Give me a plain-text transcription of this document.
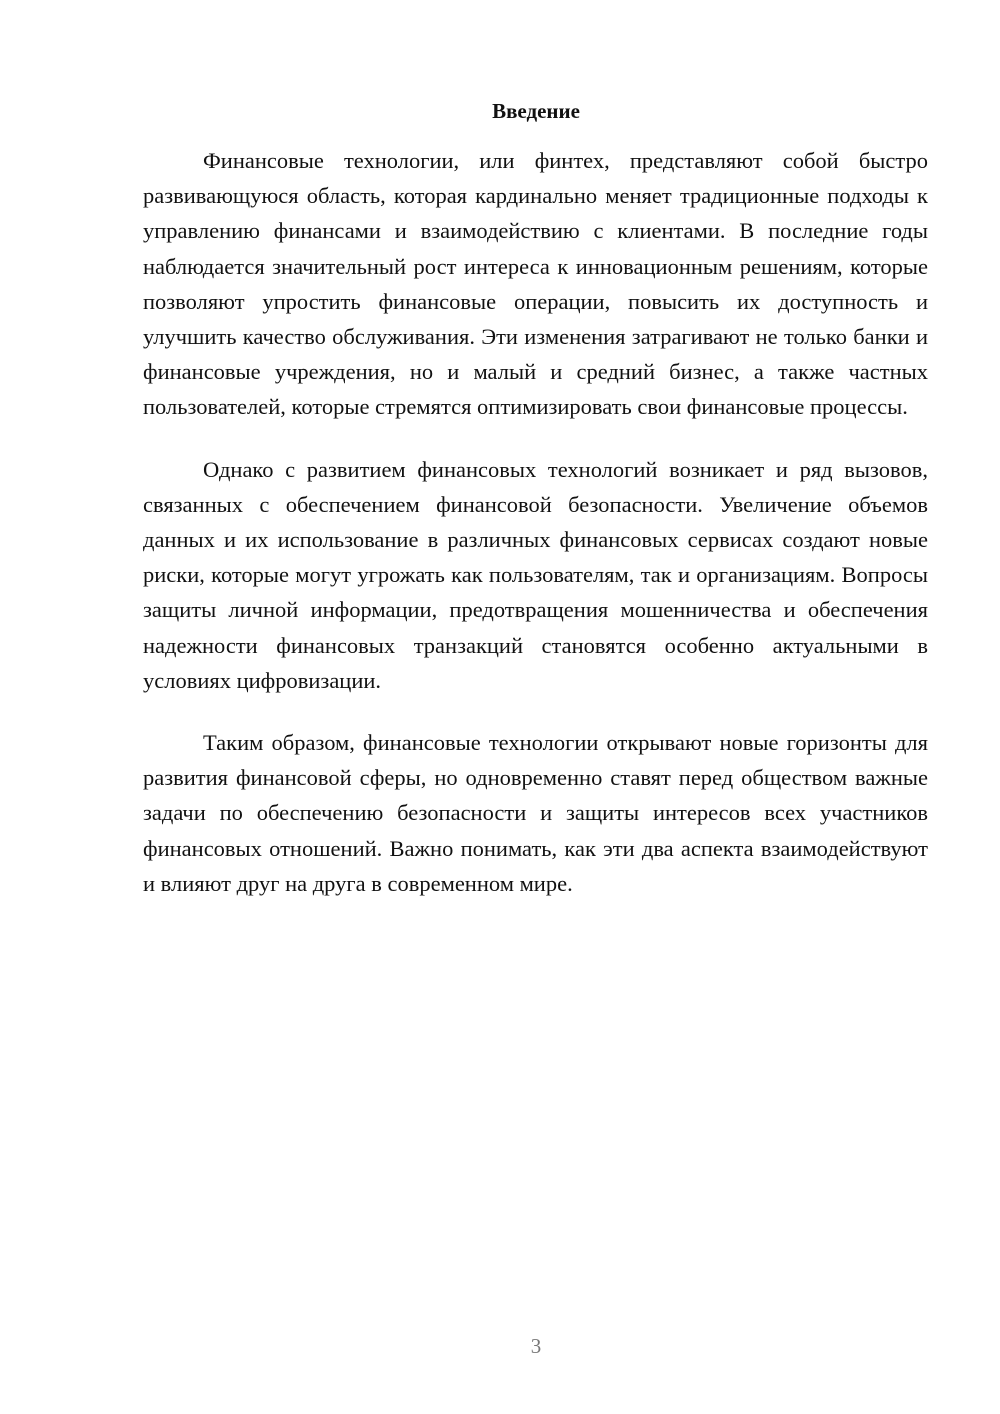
Введение

Финансовые технологии, или финтех, представляют собой быстро развивающуюся область, которая кардинально меняет традиционные подходы к управлению финансами и взаимодействию с клиентами. В последние годы наблюдается значительный рост интереса к инновационным решениям, которые позволяют упростить финансовые операции, повысить их доступность и улучшить качество обслуживания. Эти изменения затрагивают не только банки и финансовые учреждения, но и малый и средний бизнес, а также частных пользователей, которые стремятся оптимизировать свои финансовые процессы.

Однако с развитием финансовых технологий возникает и ряд вызовов, связанных с обеспечением финансовой безопасности. Увеличение объемов данных и их использование в различных финансовых сервисах создают новые риски, которые могут угрожать как пользователям, так и организациям. Вопросы защиты личной информации, предотвращения мошенничества и обеспечения надежности финансовых транзакций становятся особенно актуальными в условиях цифровизации.

Таким образом, финансовые технологии открывают новые горизонты для развития финансовой сферы, но одновременно ставят перед обществом важные задачи по обеспечению безопасности и защиты интересов всех участников финансовых отношений. Важно понимать, как эти два аспекта взаимодействуют и влияют друг на друга в современном мире.

3
